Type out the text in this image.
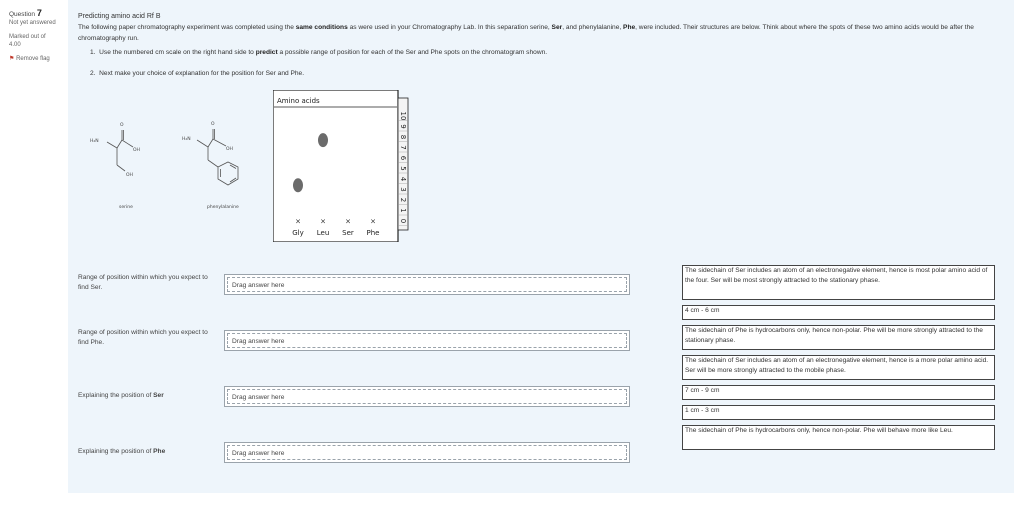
Question 7
Not yet answered
Marked out of 4.00
⚑ Remove flag
Predicting amino acid Rf B
The following paper chromatography experiment was completed using the same conditions as were used in your Chromatography Lab. In this separation serine, Ser, and phenylalanine, Phe, were included. Their structures are below. Think about where the spots of these two amino acids would be after the chromatography run.
1. Use the numbered cm scale on the right hand side to predict a possible range of position for each of the Ser and Phe spots on the chromatogram shown.
2. Next make your choice of explanation for the position for Ser and Phe.
H₂N
O
OH
OH
H₂N
O
OH
serine	phenylalanine
Amino acids
10
9
8
7
6
5
4
3
2
1
0
×
Gly
×
Leu
×
Ser
×
Phe
Range of position within which you expect to find Ser.
Range of position within which you expect to find Phe.
Explaining the position of Ser
Explaining the position of Phe
Drag answer here
Drag answer here
Drag answer here
Drag answer here
The sidechain of Ser includes an atom of an electronegative element, hence is most polar amino acid of the four. Ser will be most strongly attracted to the stationary phase.
4 cm - 6 cm
The sidechain of Phe is hydrocarbons only, hence non-polar. Phe will be more strongly attracted to the stationary phase.
The sidechain of Ser includes an atom of an electronegative element, hence is a more polar amino acid. Ser will be more strongly attracted to the mobile phase.
7 cm - 9 cm
1 cm - 3 cm
The sidechain of Phe is hydrocarbons only, hence non-polar. Phe will behave more like Leu.
